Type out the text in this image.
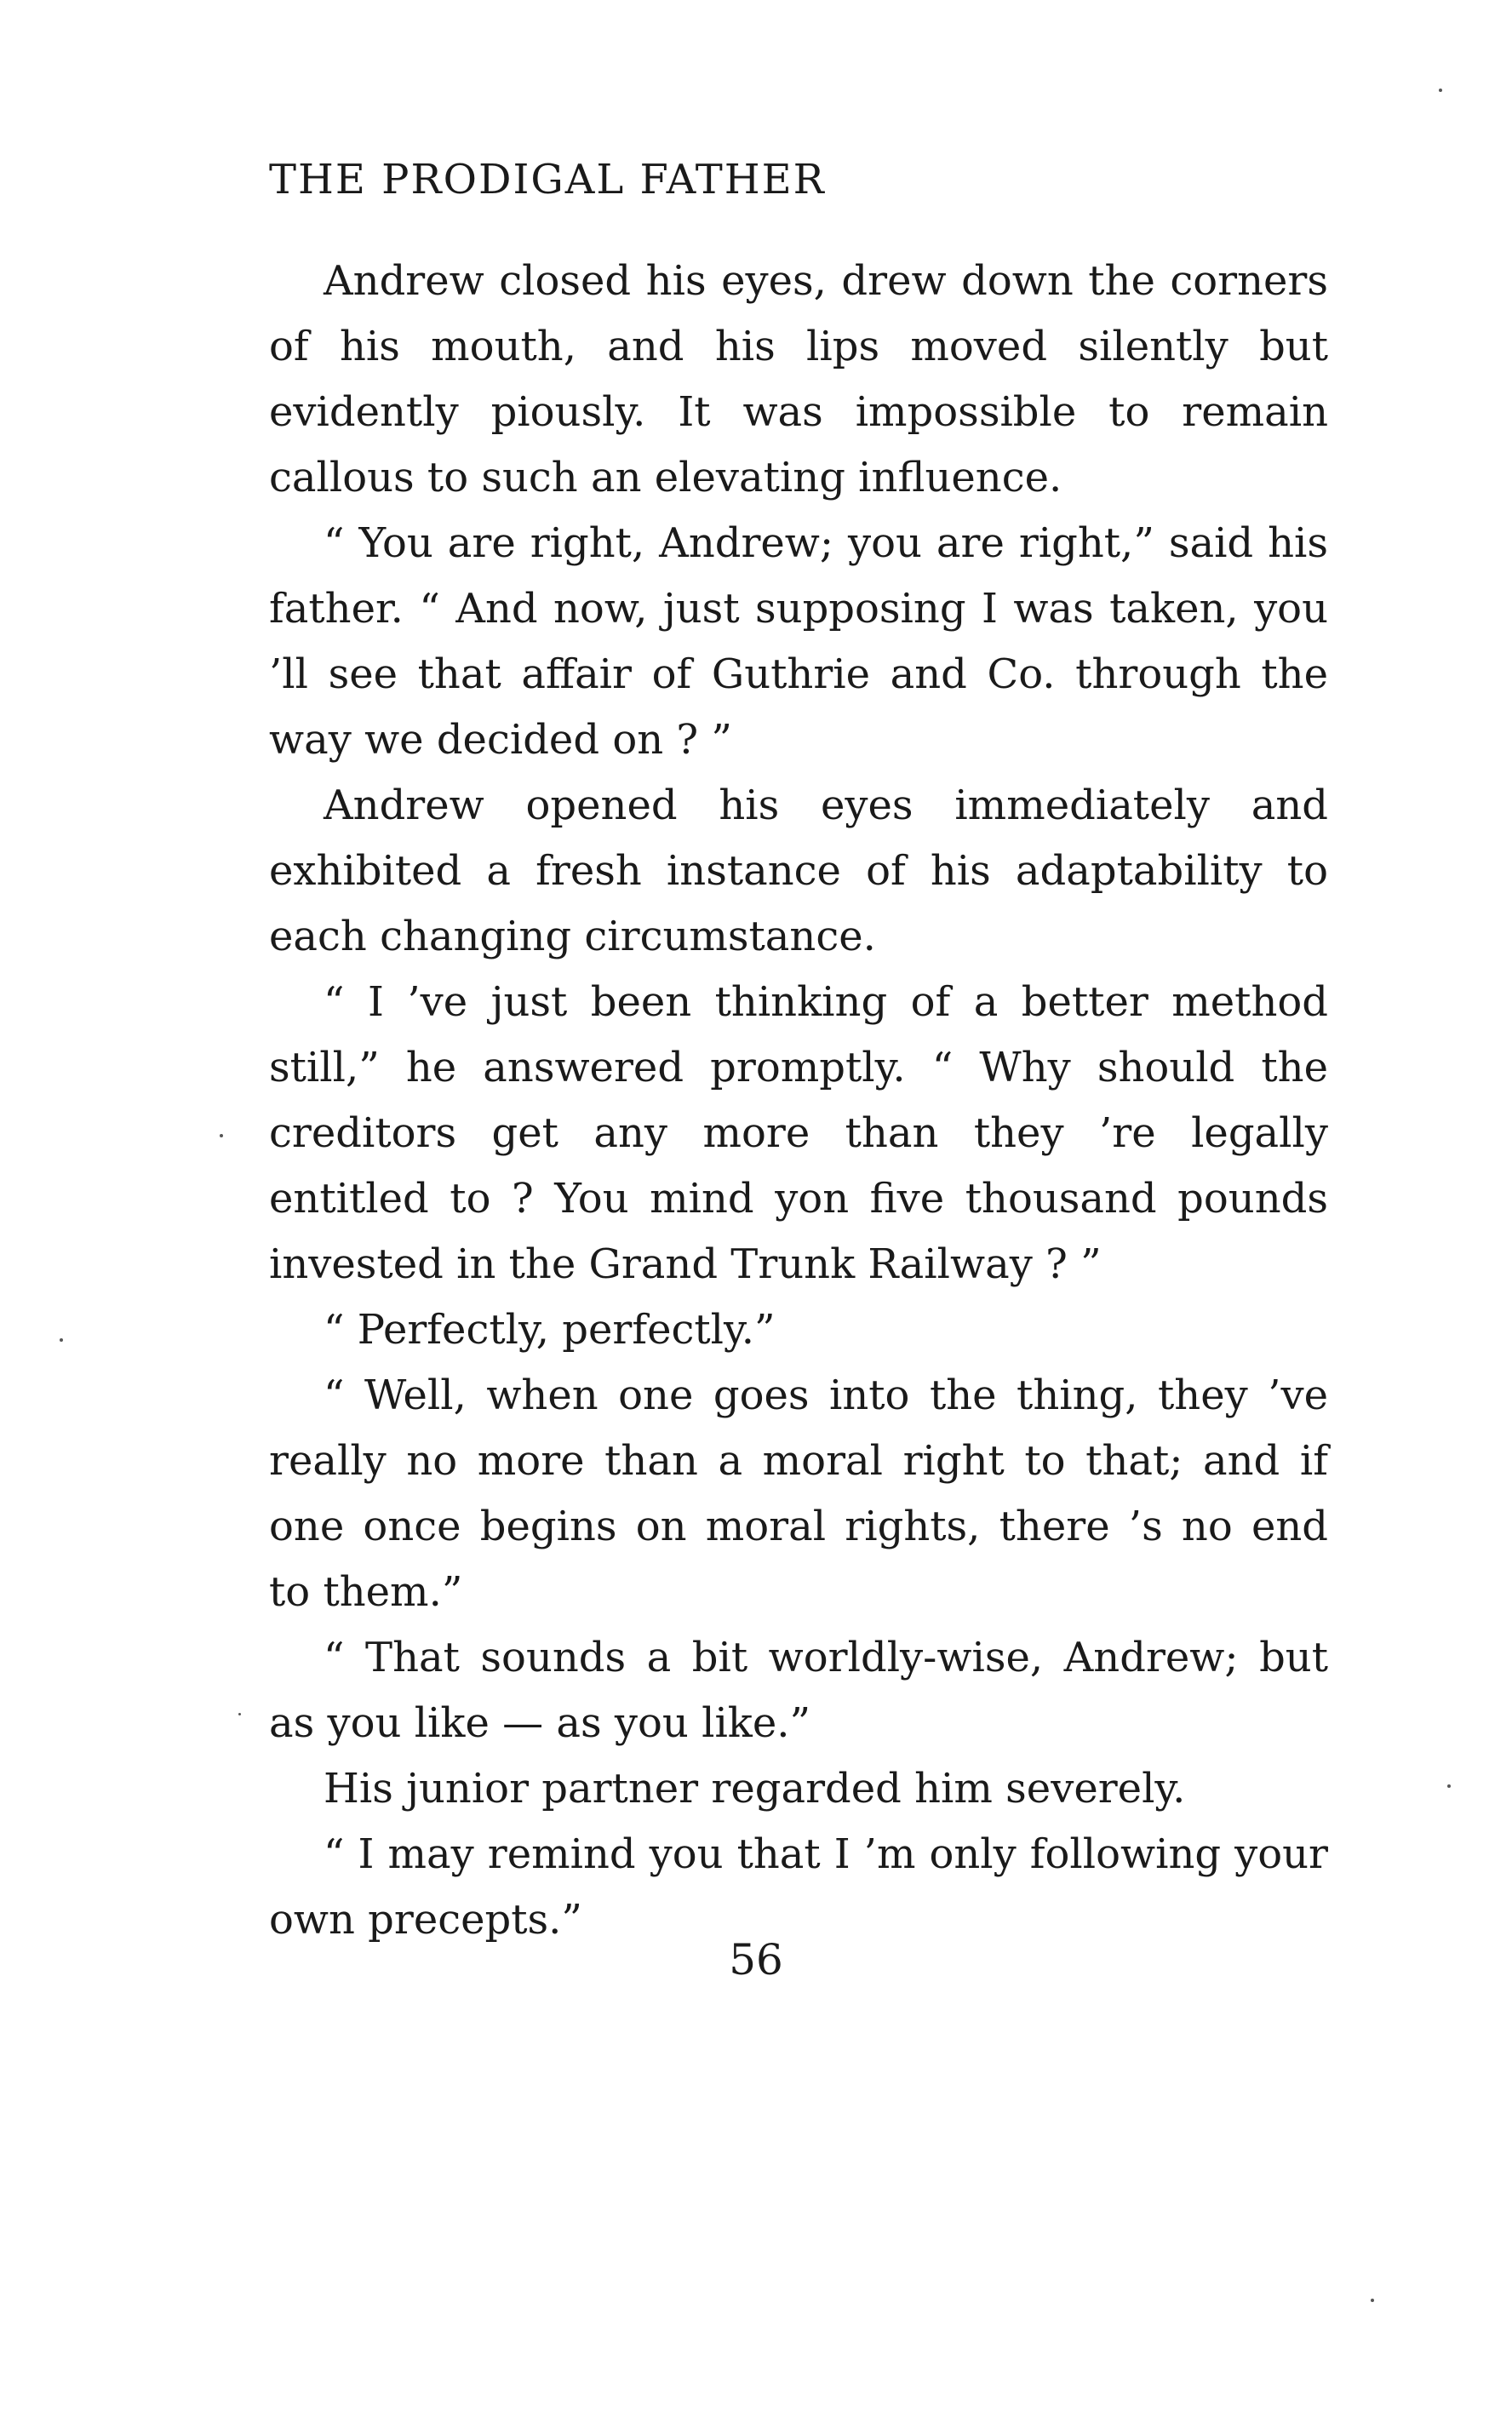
THE PRODIGAL FATHER

Andrew closed his eyes, drew down the corners of his mouth, and his lips moved silently but evidently piously. It was impossible to remain callous to such an elevating influence.

“ You are right, Andrew; you are right,” said his father. “ And now, just supposing I was taken, you ’ll see that affair of Guthrie and Co. through the way we decided on ? ”

Andrew opened his eyes immediately and exhibited a fresh instance of his adaptability to each changing circumstance.

“ I ’ve just been thinking of a better method still,” he answered promptly. “ Why should the creditors get any more than they ’re legally entitled to ? You mind yon five thousand pounds invested in the Grand Trunk Railway ? ”

“ Perfectly, perfectly.”

“ Well, when one goes into the thing, they ’ve really no more than a moral right to that; and if one once begins on moral rights, there ’s no end to them.”

“ That sounds a bit worldly-wise, Andrew; but as you like — as you like.”

His junior partner regarded him severely.

“ I may remind you that I ’m only following your own precepts.”

56
